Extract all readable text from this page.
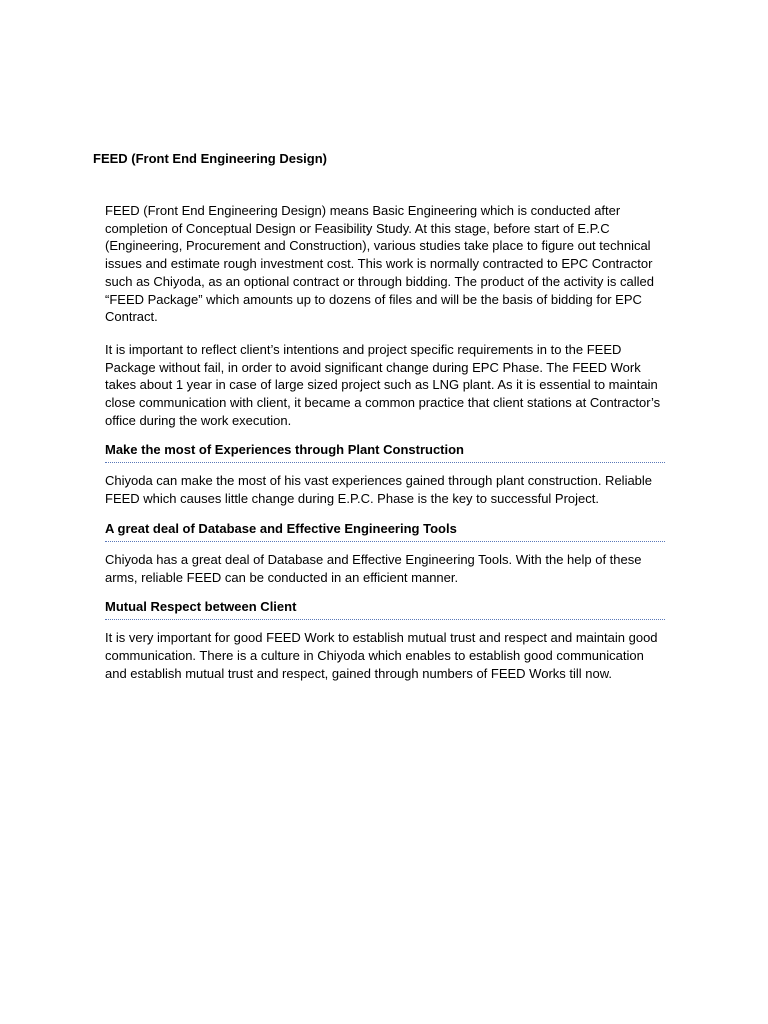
FEED (Front End Engineering Design)

FEED (Front End Engineering Design) means Basic Engineering which is conducted after completion of Conceptual Design or Feasibility Study. At this stage, before start of E.P.C (Engineering, Procurement and Construction), various studies take place to figure out technical issues and estimate rough investment cost. This work is normally contracted to EPC Contractor such as Chiyoda, as an optional contract or through bidding. The product of the activity is called “FEED Package” which amounts up to dozens of files and will be the basis of bidding for EPC Contract.

It is important to reflect client’s intentions and project specific requirements in to the FEED Package without fail, in order to avoid significant change during EPC Phase. The FEED Work takes about 1 year in case of large sized project such as LNG plant. As it is essential to maintain close communication with client, it became a common practice that client stations at Contractor’s office during the work execution.

Make the most of Experiences through Plant Construction

Chiyoda can make the most of his vast experiences gained through plant construction. Reliable FEED which causes little change during E.P.C. Phase is the key to successful Project.

A great deal of Database and Effective Engineering Tools

Chiyoda has a great deal of Database and Effective Engineering Tools. With the help of these arms, reliable FEED can be conducted in an efficient manner.

Mutual Respect between Client

It is very important for good FEED Work to establish mutual trust and respect and maintain good communication. There is a culture in Chiyoda which enables to establish good communication and establish mutual trust and respect, gained through numbers of FEED Works till now.
